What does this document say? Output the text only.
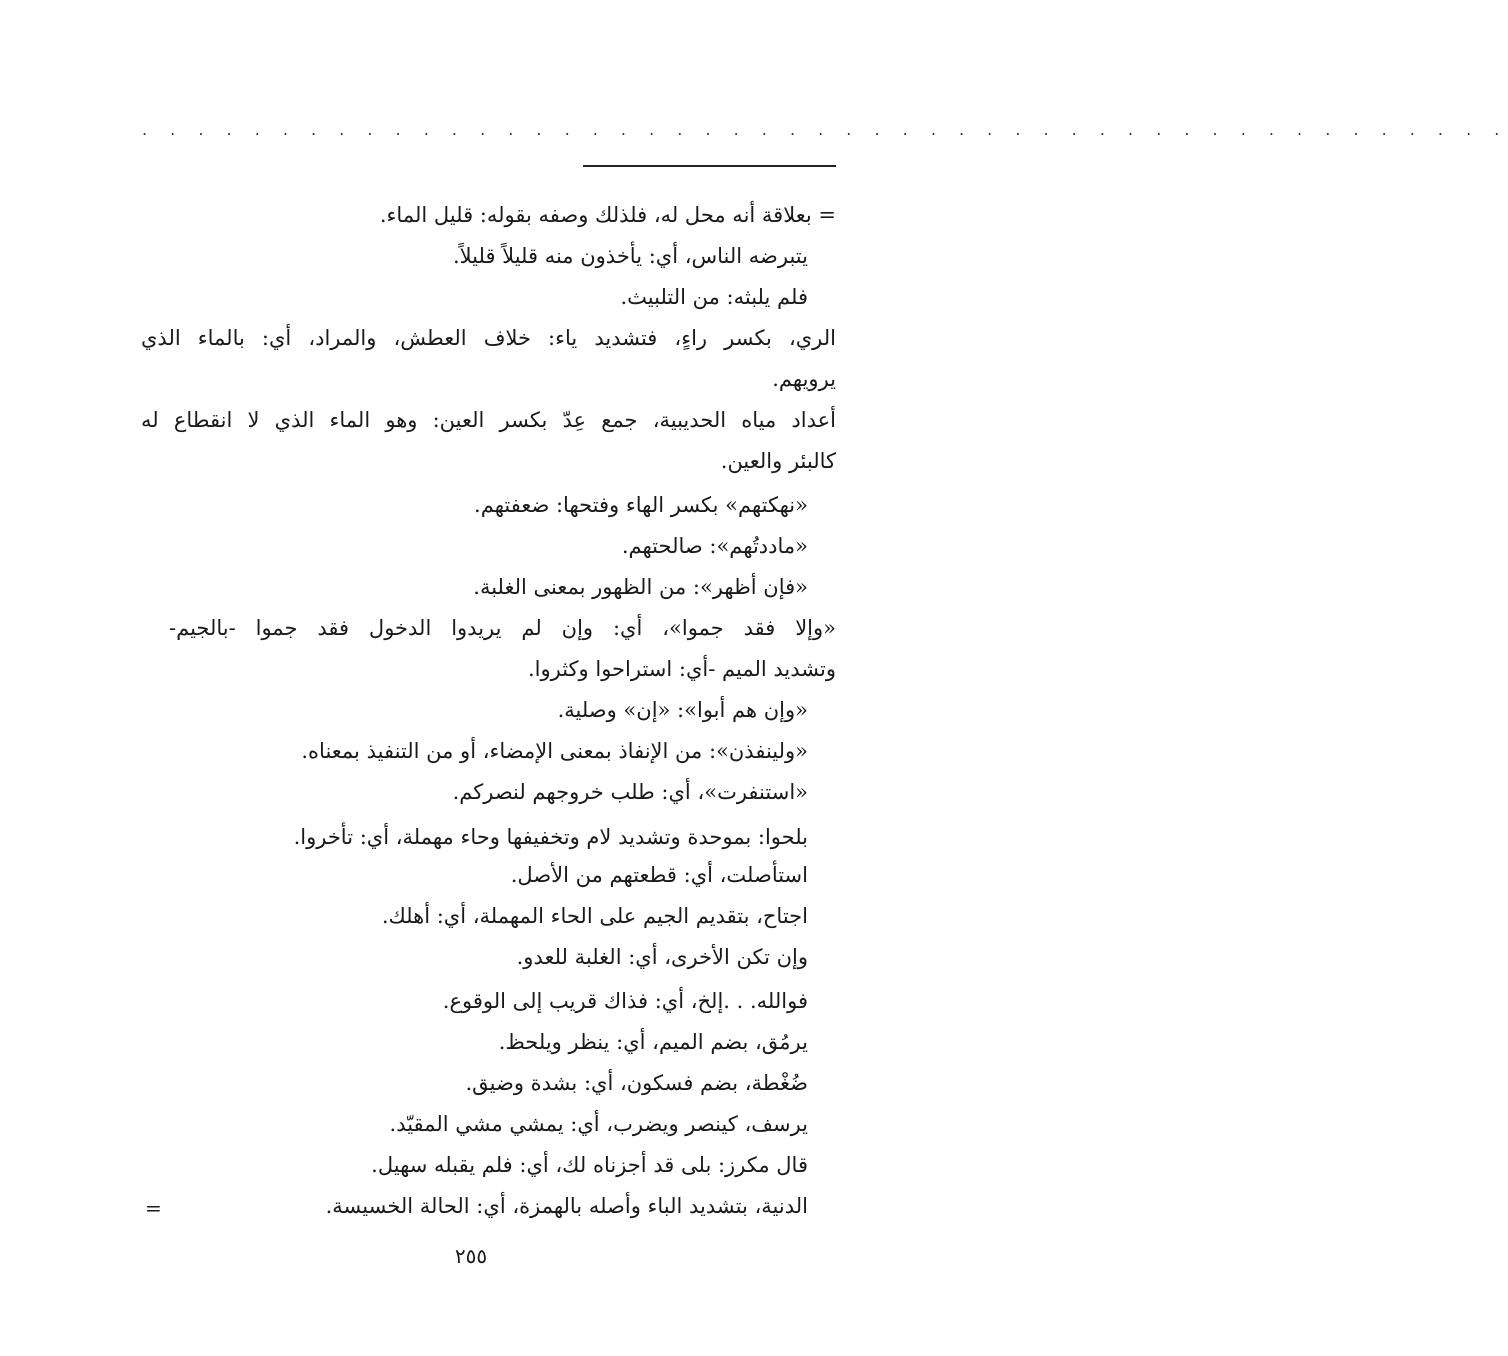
. . . . . . . . . . . . . . . . . . . . . . . . . . . . . . . . . . . . . . . . . . . . . . . . .
= بعلاقة أنه محل له، فلذلك وصفه بقوله: قليل الماء.
يتبرضه الناس، أي: يأخذون منه قليلاً قليلاً.
فلم يلبثه: من التلبيث.
الري، بكسر راءٍ، فتشديد ياء: خلاف العطش، والمراد، أي: بالماء الذي
يرويهم.
أعداد مياه الحديبية، جمع عِدّ بكسر العين: وهو الماء الذي لا انقطاع له
كالبئر والعين.
«نهكتهم» بكسر الهاء وفتحها: ضعفتهم.
«ماددتُهم»: صالحتهم.
«فإن أظهر»: من الظهور بمعنى الغلبة.
«وإلا فقد جموا»، أي: وإن لم يريدوا الدخول فقد جموا -بالجيم-
وتشديد الميم -أي: استراحوا وكثروا.
«وإن هم أبوا»: «إن» وصلية.
«ولينفذن»: من الإنفاذ بمعنى الإمضاء، أو من التنفيذ بمعناه.
«استنفرت»، أي: طلب خروجهم لنصركم.
بلحوا: بموحدة وتشديد لام وتخفيفها وحاء مهملة، أي: تأخروا.
استأصلت، أي: قطعتهم من الأصل.
اجتاح، بتقديم الجيم على الحاء المهملة، أي: أهلك.
وإن تكن الأخرى، أي: الغلبة للعدو.
فوالله. . .إلخ، أي: فذاك قريب إلى الوقوع.
يرمُق، بضم الميم، أي: ينظر ويلحظ.
ضُغْطة، بضم فسكون، أي: بشدة وضيق.
يرسف، كينصر ويضرب، أي: يمشي مشي المقيّد.
قال مكرز: بلى قد أجزناه لك، أي: فلم يقبله سهيل.
الدنية، بتشديد الباء وأصله بالهمزة، أي: الحالة الخسيسة.
=
٢٥٥
